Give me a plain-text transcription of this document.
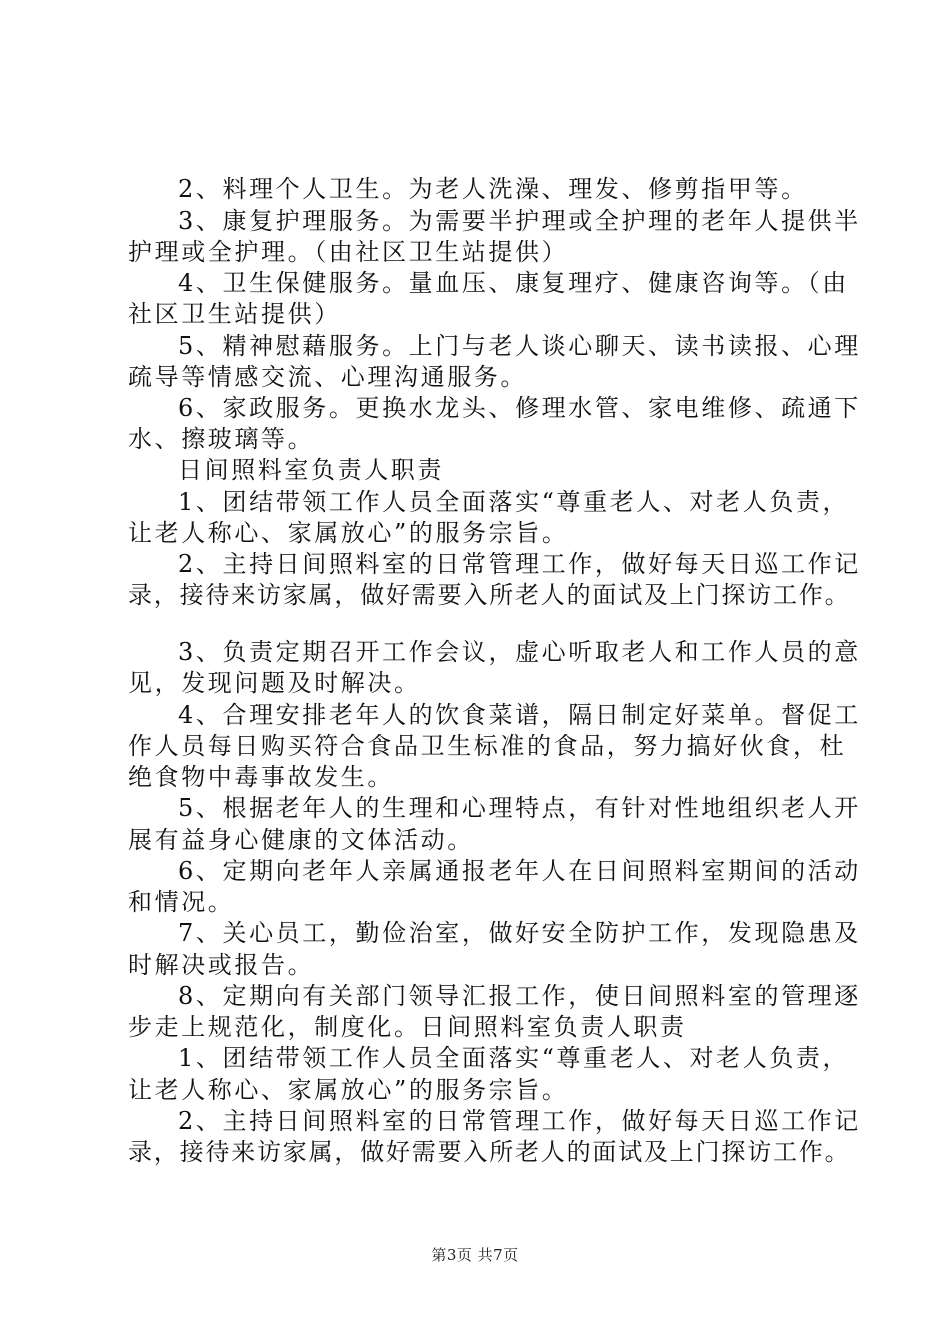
2、料理个人卫生。为老人洗澡、理发、修剪指甲等。
3、康复护理服务。为需要半护理或全护理的老年人提供半
护理或全护理。（由社区卫生站提供）
4、卫生保健服务。量血压、康复理疗、健康咨询等。（由
社区卫生站提供）
5、精神慰藉服务。上门与老人谈心聊天、读书读报、心理
疏导等情感交流、心理沟通服务。
6、家政服务。更换水龙头、修理水管、家电维修、疏通下
水、擦玻璃等。
日间照料室负责人职责
1、团结带领工作人员全面落实“尊重老人、对老人负责，
让老人称心、家属放心”的服务宗旨。
2、主持日间照料室的日常管理工作，做好每天日巡工作记
录，接待来访家属，做好需要入所老人的面试及上门探访工作。
3、负责定期召开工作会议，虚心听取老人和工作人员的意
见，发现问题及时解决。
4、合理安排老年人的饮食菜谱，隔日制定好菜单。督促工
作人员每日购买符合食品卫生标准的食品，努力搞好伙食，杜
绝食物中毒事故发生。
5、根据老年人的生理和心理特点，有针对性地组织老人开
展有益身心健康的文体活动。
6、定期向老年人亲属通报老年人在日间照料室期间的活动
和情况。
7、关心员工，勤俭治室，做好安全防护工作，发现隐患及
时解决或报告。
8、定期向有关部门领导汇报工作，使日间照料室的管理逐
步走上规范化，制度化。日间照料室负责人职责
1、团结带领工作人员全面落实“尊重老人、对老人负责，
让老人称心、家属放心”的服务宗旨。
2、主持日间照料室的日常管理工作，做好每天日巡工作记
录，接待来访家属，做好需要入所老人的面试及上门探访工作。
第3页 共7页
